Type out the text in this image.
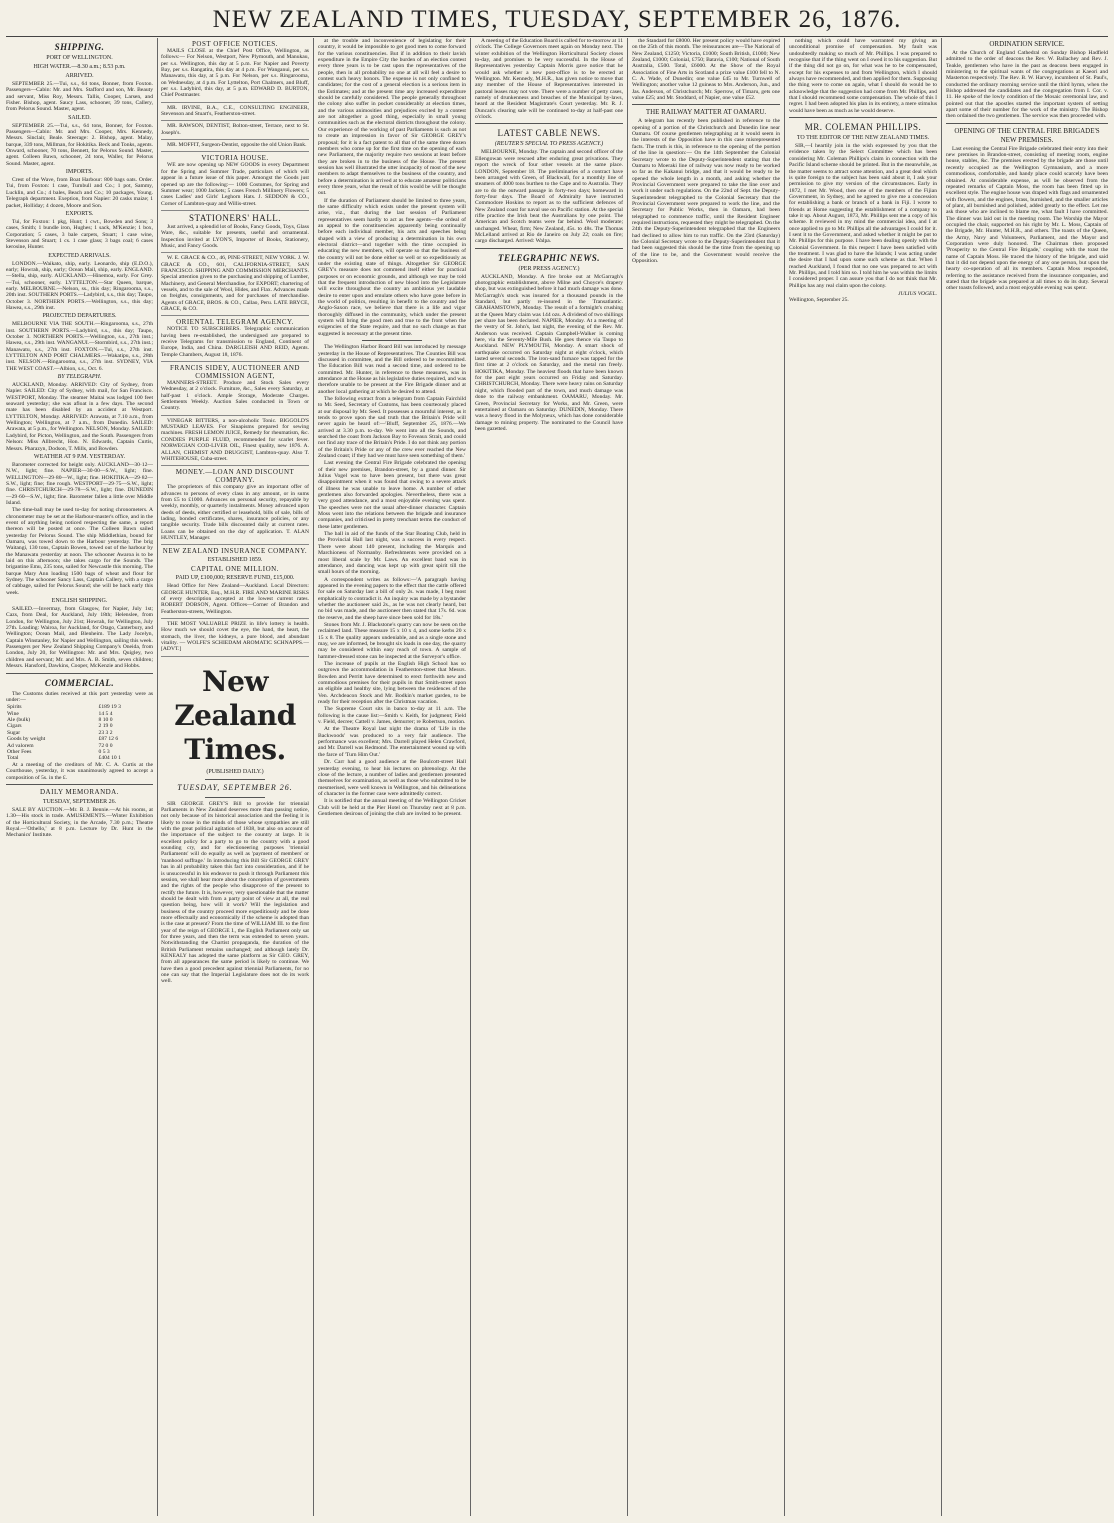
NEW ZEALAND TIMES, TUESDAY, SEPTEMBER 26, 1876.
SHIPPING.
PORT OF WELLINGTON.
HIGH WATER.—8.30 a.m.; 8.53 p.m.
ARRIVED.

SEPTEMBER 25.—Tui, s.s., 64 tons, Bonner, from Foxton. Passengers—Cabin: Mr. and Mrs. Stafford and son, Mr. Beauty and servant, Miss Roy, Messrs. Tallis, Cooper, Larsen, and Fisher. Bishop, agent. Saucy Lass, schooner, 39 tons, Callery, from Pelorus Sound. Master, agent.

SAILED.

SEPTEMBER 25.—Tui, s.s., 64 tons, Bonner, for Foxton. Passengers—Cabin: Mr. and Mrs. Cooper, Mrs. Kennedy, Messrs. Sinclair, Beale. Steerage: 2. Bishop, agent. Malay, barque, 339 tons, Millman, for Hokitika. Beck and Tonks, agents. Onward, schooner, 70 tons, Bennett, for Pelorus Sound. Master, agent. Colleen Bawn, schooner, 24 tons, Waller, for Pelorus Sound. Master, agent.

IMPORTS.

Crest of the Wave, from Boat Harbour: 800 bags oats. Order. Tui, from Foxton: 1 case, Turnbull and Co.; 1 pot, Sammy, Lucklin, and Co.; 4 bales, Beach and Co.; 10 packages, Young. Telegraph department. Exeption, from Napier: 20 casks maize; 1 packet, Holliday; 4 dozen, Moore and Son.

EXPORTS.

Tui, for Foxton: 1 pkg, Hunt; 1 cwt., Bowden and Sons; 3 cases, Smith; 1 bundle iron, Hughes; 1 sack, M'Kenzie; 1 box, Corporation; 5 cases, 3 bale carpets, Stuart; 1 case wine, Stevenson and Stuart; 1 cs. 1 case glass; 3 bags coal; 6 cases kerosine, Hunter.

EXPECTED ARRIVALS.

LONDON.—Waikato, ship, early. Leonardo, ship (E.D.O.), early; Howrah, ship, early; Ocean Mail, ship, early. ENGLAND.—Stella, ship, early. AUCKLAND.—Hinemoa, early. For Grey.—Tui, schooner, early. LYTTELTON.—Star Queen, barque, early. MELBOURNE.—Nelson, ss., this day; Ringarooma, s.s., 20th inst. SOUTHERN PORTS.—Ladybird, s.s., this day; Taupo, October 3. NORTHERN PORTS.—Wellington, s.s., this day; Hawea, s.s., 29th inst.

PROJECTED DEPARTURES.

MELBOURNE VIA THE SOUTH.—Ringarooma, s.s., 27th inst. SOUTHERN PORTS.—Ladybird, s.s., this day; Taupo, October 3. NORTHERN PORTS.—Wellington, s.s., 27th inst.; Hawea, s.s., 29th inst. WANGANUI.—Stormbird, s.s., 27th inst.; Manawatu, s.s., 27th inst. FOXTON.—Tui, s.s., 27th inst. LYTTELTON AND PORT CHALMERS.—Wakatipu, s.s., 28th inst. NELSON.—Ringarooma, s.s., 27th inst. SYDNEY, VIA THE WEST COAST.—Albion, s.s., Oct. 6.

BY TELEGRAPH.

AUCKLAND, Monday. ARRIVED: City of Sydney, from Napier. SAILED: City of Sydney, with mail, for San Francisco. WESTPORT, Monday. The steamer Maitai was lodged 100 feet seaward yesterday; she was afloat in a few days. The second mate has been disabled by an accident at Westport. LYTTELTON, Monday. ARRIVED: Arawata, at 7.10 a.m., from Wellington; Wellington, at 7 a.m., from Dunedin. SAILED: Arawata, at 5 p.m., for Wellington. NELSON, Monday. SAILED: Ladybird, for Picton, Wellington, and the South. Passengers from Nelson: Miss Allbrecht, Hon. N. Edwards, Captain Curtis, Messrs. Pharazyn, Dodson, T. Mills, and Bowden.

WEATHER AT 9 P.M. YESTERDAY.

Barometer corrected for height only. AUCKLAND—30·12—N.W., light; fine. NAPIER—30·00—S.W., light; fine. WELLINGTON—29·80—W., light; fine. HOKITIKA—29·82—S.W., light; fine; fine rough. WESTPORT—29·75—S.W., light; fine. CHRISTCHURCH—29·78—S.W., light; fine. DUNEDIN—29·60—S.W., light; fine. Barometer fallen a little over Middle Island.

The time-ball may be used to-day for noting chronometers. A chronometer may be set at the Harbour-master's office, and in the event of anything being noticed respecting the same, a report thereon will be posted at once. The Colleen Bawn sailed yesterday for Pelorus Sound. The ship Middlethian, bound for Oamaru, was towed down to the Harbour yesterday. The brig Waitangi, 130 tons, Captain Bowen, towed out of the harbour by the Manawatu yesterday at noon. The schooner Awaroa is to be laid on this afternoon; she takes cargo for the Sounds. The brigantine Emu, 235 tons, sailed for Newcastle this morning. The barque Mary Ann loading 1500 bags of wheat and flour for Sydney. The schooner Sancy Lass, Captain Callery, with a cargo of cabbage, sailed for Pelorus Sound; she will be back early this week.

ENGLISH SHIPPING.

SAILED.—Invermay, from Glasgow, for Napier, July 1st; Cazs, from Deal, for Auckland, July 18th; Helenslee, from London, for Wellington, July 21st; Howrah, for Wellington, July 27th. Loading: Wairoa, for Auckland, for Otago, Canterbury, and Wellington; Ocean Mail, and Blenheim. The Lady Jocelyn, Captain Winstanley, for Napier and Wellington, sailing this week. Passengers per New Zealand Shipping Company's Oneida, from London, July 20, for Wellington: Mr. and Mrs. Quigley, two children and servant; Mr. and Mrs. A. B. Smith, seven children; Messrs. Hansford, Dawkins, Cooper, McKenzie and Hobbs.

COMMERCIAL.

The Customs duties received at this port yesterday were as under:—

Spirits	£189 19 3
Wine	14 5 4
Ale (bulk)	8 10 0
Cigars	2 19 0
Sugar	23 3 2
Goods by weight	£87 12 6
Ad valorem	72 0 0
Other Fees	0 5 3
Total	£404 10 1

At a meeting of the creditors of Mr. C. A. Curtis at the Courthouse, yesterday, it was unanimously agreed to accept a composition of 5s. in the £.

DAILY MEMORANDA.
TUESDAY, SEPTEMBER 26.

SALE BY AUCTION.—Mr. B. J. Bennie.—At his rooms, at 1.30—His stock in trade. AMUSEMENTS.—Winter Exhibition of the Horticultural Society, in the Arcade, 7.30 p.m.; Theatre Royal.—'Othello,' at 8 p.m. Lecture by Dr. Hunt in the Mechanics' Institute.

POST OFFICE NOTICES.

MAILS CLOSE at the Chief Post Office, Wellington, as follows:— For Nelson, Westport, New Plymouth, and Manukau, per s.s. Wellington, this day at 5 p.m. For Napier and Poverty Bay, per s.s. Rangatira, this day at 4 p.m. For Wanganui, per s.s. Manawatu, this day, at 5 p.m. For Nelson, per s.s. Ringarooma, on Wednesday, at 4 p.m. For Lyttelton, Port Chalmers, and Bluff, per s.s. Ladybird, this day, at 5 p.m. EDWARD D. BURTON, Chief Postmaster.

MR. IRVINE, B.A., C.E., CONSULTING ENGINEER, Stevenson and Stuart's, Featherston-street.

MR. RAWSON, DENTIST, Bolton-street, Terrace, next to St. Joseph's.

MR. MOFFIT, Surgeon-Dentist, opposite the old Union Bank.

VICTORIA HOUSE.

WE are now opening up NEW GOODS in every Department for the Spring and Summer Trade, particulars of which will appear in a future issue of this paper. Amongst the Goods just opened up are the following:— 1000 Costumes, for Spring and Summer wear; 1000 Jackets; 5 cases French Millinery Flowers; 5 cases Ladies' and Girls' Leghorn Hats. J. SEDDON & CO., Corner of Lambton-quay and Willis-street.

STATIONERS' HALL.

Just arrived, a splendid lot of Books, Fancy Goods, Toys, Glass Ware, &c., suitable for presents, useful and ornamental. Inspection invited at LYON'S, Importer of Books, Stationery, Music, and Fancy Goods.

W. E. GRACE & CO., 46, PINE-STREET, NEW YORK. J. W. GRACE & CO., 601, CALIFORNIA-STREET, SAN FRANCISCO. SHIPPING AND COMMISSION MERCHANTS. Special attention given to the purchasing and shipping of Lumber, Machinery, and General Merchandise, for EXPORT; chartering of vessels, and to the sale of Wool, Hides, and Flax. Advances made on freights, consignments, and for purchases of merchandise. Agents of GRACE, BROS. & CO., Callao, Peru. LATE BRYCE, GRACE, & CO.

ORIENTAL TELEGRAM AGENCY.

NOTICE TO SUBSCRIBERS. Telegraphic communication having been re-established, the undersigned are prepared to receive Telegrams for transmission to England, Continent of Europe, India, and China. DARGLEISH AND REID, Agents. Temple Chambers, August 18, 1876.

FRANCIS SIDEY, AUCTIONEER AND COMMISSION AGENT,

MANNERS-STREET. Produce and Stock Sales every Wednesday, at 2 o'clock. Furniture, &c., Sales every Saturday, at half-past 1 o'clock. Ample Storage, Moderate Charges. Settlements Weekly. Auction Sales conducted in Town or Country.

VINEGAR BITTERS, a non-alcoholic Tonic. BIGGOLD'S MUSTARD LEAVES. For Sinapisms prepared for sewing machines. FRESH LEMON JUICE, Remedy for rheumatism, &c. CONDIES PURPLE FLUID, recommended for scarlet fever. NORWEGIAN COD-LIVER OIL, Finest quality, new 1876. A. ALLAN, CHEMIST AND DRUGGIST, Lambton-quay. Also T. WHITEHOUSE, Cuba-street.

MONEY.—LOAN AND DISCOUNT COMPANY.

The proprietors of this company give an important offer of advances to persons of every class in any amount, or in sums from £5 to £1000. Advances on personal security, repayable by weekly, monthly, or quarterly instalments. Money advanced upon deeds of deeds, either certified or leasehold, bills of sale, bills of lading, bonded certificates, shares, insurance policies, or any tangible security. Trade bills discounted daily at current rates. Loans can be obtained on the day of application. T. ALAN HUNTLEY, Manager.

NEW ZEALAND INSURANCE COMPANY.
ESTABLISHED 1859.
CAPITAL ONE MILLION.
PAID UP, £100,000; RESERVE FUND, £15,000.

Head Office for New Zealand—Auckland. Local Directors: GEORGE HUNTER, Esq., M.H.R. FIRE AND MARINE RISKS of every description accepted at the lowest current rates. ROBERT DOBSON, Agent. Offices—Corner of Brandon and Featherston-streets, Wellington.

THE MOST VALUABLE PRIZE in life's lottery is health. How much we should covet the eye, the hand, the heart, the stomach, the liver, the kidneys, a pure blood, and abundant vitality. — WOLFE'S SCHIEDAM AROMATIC SCHNAPPS.—[ADVT.]

New Zealand Times.
(PUBLISHED DAILY.)
TUESDAY, SEPTEMBER 26.

SIR GEORGE GREY'S Bill to provide for triennial Parliaments in New Zealand deserves more than passing notice, not only because of its historical association and the feeling it is likely to rouse in the minds of those whose sympathies are still with the great political agitation of 1838, but also on account of the importance of the subject to the country at large. It is excellent policy for a party to go to the country with a good sounding cry, and for electioneering purposes 'triennial Parliaments' will do equally as well as 'payment of members' or 'manhood suffrage.' In introducing this Bill Sir GEORGE GREY has in all probability taken this fact into consideration, and if he is unsuccessful in his endeavor to push it through Parliament this session, we shall hear more about the conception of governments and the rights of the people who disapprove of the present to rectify the future. It is, however, very questionable that the matter should be dealt with from a party point of view at all, the real question being, how will it work? Will the legislation and business of the country proceed more expeditiously and be done more effectually and economically if the scheme is adopted than is the case at present? From the time of WILLIAM III. to the first year of the reign of GEORGE I., the English Parliament only sat for three years, and then the term was extended to seven years. Notwithstanding the Chartist propaganda, the duration of the British Parliament remains unchanged; and although lately Dr. KENEALY has adopted the same platform as Sir GEO. GREY, from all appearances the same period is likely to continue. We have then a good precedent against triennial Parliaments, for no one can say that the Imperial Legislature does not do its work well.

at the trouble and inconvenience of legislating for their country, it would be impossible to get good men to come forward for the various constituencies. But if in addition to their lavish expenditure in the Empire City the burden of an election contest every three years is to be cast upon the representatives of the people, then in all probability no one at all will feel a desire to contest such heavy honors. The expense is not only confined to candidates; for the cost of a general election is a serious item in the Estimates; and at the present time any increased expenditure should be carefully considered. The people generally throughout the colony also suffer in pocket considerably at election times, and the various animosities and prejudices excited by a contest are not altogether a good thing, especially in small young communities such as the electoral districts throughout the colony. Our experience of the working of past Parliaments is such as not to create an impression in favor of Sir GEORGE GREY's proposal; for it is a fact patent to all that of the same three dozen members who come up for the first time on the opening of each new Parliament, the majority require two sessions at least before they are broken in to the business of the House. The present session has well illustrated the utter incapacity of most of the new members to adapt themselves to the business of the country, and before a determination is arrived at to educate amateur politicians every three years, what the result of this would be will be thought out.

If the duration of Parliament should be limited to three years, the same difficulty which exists under the present system will arise, viz., that during the last session of Parliament representatives seem hardly to act as free agents—the ordeal of an appeal to the constituencies apparently being continually before each individual member, his acts and speeches being shaped with a view of producing a determination in his own electoral district—and together with the time occupied in educating the new members, will operate so that the business of the country will not be done either so well or so expeditiously as under the existing state of things. Altogether Sir GEORGE GREY's measure does not commend itself either for practical purposes or on economic grounds, and although we may be told that the frequent introduction of new blood into the Legislature will excite throughout the country an ambitious yet laudable desire to enter upon and emulate others who have gone before in the world of politics, resulting in benefit to the country and the Anglo-Saxon race, we believe that there is a life and vigor thoroughly diffused in the community, which under the present system will bring the good men and true to the front when the exigencies of the State require, and that no such change as that suggested is necessary at the present time.

The Wellington Harbor Board Bill was introduced by message yesterday in the House of Representatives. The Counties Bill was discussed in committee, and the Bill ordered to be recommitted. The Education Bill was read a second time, and ordered to be committed. Mr. Hunter, in reference to these measures, was in attendance at the House as his legislative duties required, and was therefore unable to be present at the Fire Brigade dinner and at another local gathering at which he desired to attend.

The following extract from a telegram from Captain Fairchild to Mr. Seed, Secretary of Customs, has been courteously placed at our disposal by Mr. Seed. It possesses a mournful interest, as it tends to prove upon the sad truth that the Britain's Pride will never again be heard of:—'Bluff, September 25, 1876.—We arrived at 3.30 p.m. to-day. We went into all the Sounds, and searched the coast from Jackson Bay to Foveaux Strait, and could not find any trace of the Britain's Pride. I do not think any portion of the Britain's Pride or any of the crew ever reached the New Zealand coast; if they had we must have seen something of them.'

Last evening the Central Fire Brigade celebrated the opening of their new premises, Brandon-street, by a grand dinner. Sir Julius Vogel was to have been present, but there was great disappointment when it was found that owing to a severe attack of illness he was unable to leave home. A number of other gentlemen also forwarded apologies. Nevertheless, there was a very good attendance, and a most enjoyable evening was spent. The speeches were not the usual after-dinner character. Captain Moss went into the relations between the brigade and insurance companies, and criticised in pretty trenchant terms the conduct of these latter gentlemen.

The ball in aid of the funds of the Star Boating Club, held in the Provincial Hall last night, was a success in every respect. There were about 140 present, including the Marquis and Marchioness of Normanby. Refreshments were provided on a most liberal scale by Mr. Laws. An excellent band was in attendance, and dancing was kept up with great spirit till the small hours of the morning.

A correspondent writes as follows:—'A paragraph having appeared in the evening papers to the effect that the cattle offered for sale on Saturday last a bill of only 2s. was made, I beg most emphatically to contradict it. An inquiry was made by a bystander whether the auctioneer said 2s., as he was not clearly heard, but no bid was made, and the auctioneer then stated that 17s. 6d. was the reserve, and the sheep have since been sold for 18s.'

Stones from Mr. J. Blackstone's quarry can now be seen on the reclaimed land. These measure 15 x 10 x 4, and some kerbs 20 x 15 x 8. The quality appears undeniable, and as a single stone and may, we are informed, be brought six loads in one day, the quarry may be considered within easy reach of town. A sample of hammer-dressed stone can be inspected at the Surveyor's office.

The increase of pupils at the English High School has so outgrown the accommodation in Featherston-street that Messrs. Bowden and Perritt have determined to erect forthwith new and commodious premises for their pupils in that Smith-street upon an eligible and healthy site, lying between the residences of the Ven. Archdeacon Stock and Mr. Bodkin's market garden, to be ready for their reception after the Christmas vacation.

The Supreme Court sits in banco to-day at 11 a.m. The following is the cause list:—Smith v. Keith, for judgment; Field v. Field, decree; Cattell v. James, demurrer; re Robertson, motion.

At the Theatre Royal last night the drama of 'Life in the Backwoods' was produced to a very fair audience. The performance was excellent; Mrs. Darrell played Helen Crawford, and Mr. Darrell was Redmond. The entertainment wound up with the farce of 'Turn Him Out.'

Dr. Carr had a good audience at the Boulcott-street Hall yesterday evening, to hear his lectures on phrenology. At the close of the lecture, a number of ladies and gentlemen presented themselves for examination, as well as those who submitted to be mesmerised, were well known in Wellington, and his delineations of character in the former case were admittedly correct.

It is notified that the annual meeting of the Wellington Cricket Club will be held at the Pier Hotel on Thursday next at 8 p.m. Gentlemen desirous of joining the club are invited to be present.

A meeting of the Education Board is called for to-morrow at 11 o'clock. The College Governors meet again on Monday next. The winter exhibition of the Wellington Horticultural Society closes to-day, and promises to be very successful. In the House of Representatives yesterday Captain Morris gave notice that he would ask whether a new post-office is to be erected at Wellington. Mr. Kennedy, M.H.R., has given notice to move that any member of the House of Representatives interested in pastoral leases may not vote. There were a number of petty cases, namely of drunkenness and breaches of the Municipal by-laws, heard at the Resident Magistrate's Court yesterday. Mr. R. J. Duncan's clearing sale will be continued to-day at half-past one o'clock.

LATEST CABLE NEWS.
(REUTER'S SPECIAL TO PRESS AGENCY.)

MELBOURNE, Monday. The captain and second officer of the Ellengowan were rescued after enduring great privations. They report the wreck of four other vessels at the same place. LONDON, September 18. The preliminaries of a contract have been arranged with Green, of Blackwall, for a monthly line of steamers of 4000 tons burthen to the Cape and to Australia. They are to do the outward passage in forty-two days; homeward in forty-four days. The Board of Admiralty have instructed Commodore Hoskins to report as to the sufficient defences of New Zealand coast for naval use on Pacific station. At the special rifle practice the Irish beat the Australians by one point. The American and Scotch teams were far behind. Wool moderate; unchanged. Wheat, firm; New Zealand, 45s. to 48s. The Thomas McLelland arrived at Rio de Janeiro on July 22; coals on fire; cargo discharged. Arrived: Walpa.

TELEGRAPHIC NEWS.
(PER PRESS AGENCY.)

AUCKLAND, Monday. A fire broke out at McGarragh's photographic establishment, above Milne and Choyce's drapery shop, but was extinguished before it had much damage was done. McGarragh's stock was insured for a thousand pounds in the Standard, but partly re-insured in the Transatlantic. GRAHAMSTOWN, Monday. The result of a fortnight's crushing at the Queen Mary claim was 144 ozs. A dividend of two shillings per share has been declared. NAPIER, Monday. At a meeting of the vestry of St. John's, last night, the evening of the Rev. Mr. Anderson was received. Captain Campbell-Walker is coming here, via the Seventy-Mile Bush. He goes thence via Taupo to Auckland. NEW PLYMOUTH, Monday. A smart shock of earthquake occurred on Saturday night at eight o'clock, which lasted several seconds. The iron-sand furnace was tapped for the first time at 2 o'clock on Saturday, and the metal ran freely. HOKITIKA, Monday. The heaviest floods that have been known for the past eight years occurred on Friday and Saturday. CHRISTCHURCH, Monday. There were heavy rains on Saturday night, which flooded part of the town, and much damage was done to the railway embankment. OAMARU, Monday. Mr. Green, Provincial Secretary for Works, and Mr. Green, were entertained at Oamaru on Saturday. DUNEDIN, Monday. There was a heavy flood in the Molyneux, which has done considerable damage to mining property. The nominated to the Council have been gazetted.

the Standard for £8000. Her present policy would have expired on the 25th of this month. The reinsurances are—The National of New Zealand, £1250; Victoria, £1000; South British, £1000; New Zealand, £1000; Colonial, £750; Batavia, £100; National of South Australia, £500. Total, £6000. At the Show of the Royal Association of Fine Arts in Scotland a prize value £100 fell to N. C. A. Wade, of Dunedin; one value £45 to Mr. Turnwell of Wellington; another value 12 guineas to Mrs. Anderson, Jun., and Jas. Anderson, of Christchurch; Mr. Sperrow, of Timaru, gets one value £25; and Mr. Stoddard, of Napier, one value £52.

THE RAILWAY MATTER AT OAMARU.

A telegram has recently been published in reference to the opening of a portion of the Christchurch and Dunedin line near Oamaru. Of course gentlemen telegraphing at it would seem in the interests of the Opposition have in this case misrepresented facts. The truth is this, in reference to the opening of the portion of the line in question:— On the 14th September the Colonial Secretary wrote to the Deputy-Superintendent stating that the Oamaru to Moeraki line of railway was now ready to be worked so far as the Kakanui bridge, and that it would be ready to be opened the whole length in a month, and asking whether the Provincial Government were prepared to take the line over and work it under such regulations. On the 22nd of Sept. the Deputy-Superintendent telegraphed to the Colonial Secretary that the Provincial Government were prepared to work the line, and the Secretary for Public Works, then in Oamaru, had been telegraphed to commence traffic, until the Resident Engineer required instructions, requested they might be telegraphed. On the 24th the Deputy-Superintendent telegraphed that the Engineers had declined to allow him to run traffic. On the 23rd (Saturday) the Colonial Secretary wrote to the Deputy-Superintendent that it had been suggested this should be the time from the opening up of the line to be, and the Government would receive the Opposition.

nothing which could have warranted my giving an unconditional promise of compensation. My fault was undoubtedly making so much of Mr. Phillips. I was prepared to recognise that if the thing went on I owed it to his suggestion. But if the thing did not go on, for what was he to be compensated, except for his expenses to and from Wellington, which I should always have recommended, and then applied for them. Supposing the thing were to come on again, what I should do would be to acknowledge that the suggestion had come from Mr. Phillips, and that I should recommend some compensation. The whole of this I regret. I had been adopted his plan in its entirety, a mere stimulus would have been as much as he would deserve.

MR. COLEMAN PHILLIPS.
TO THE EDITOR OF THE NEW ZEALAND TIMES.

SIR,—I heartily join in the wish expressed by you that the evidence taken by the Select Committee which has been considering Mr. Coleman Phillips's claim in connection with the Pacific Island scheme should be printed. But in the meanwhile, as the matter seems to attract some attention, and a great deal which is quite foreign to the subject has been said about it, I ask your permission to give my version of the circumstances. Early in 1872, I met Mr. Wood, then one of the members of the Fijian Government, in Sydney, and he agreed to give me a concession for establishing a bank or branch of a bank in Fiji. I wrote to friends at Home suggesting the establishment of a company to take it up. About August, 1873, Mr. Phillips sent me a copy of his scheme. It reviewed in my mind the commercial idea, and I at once applied to go to Mr. Phillips all the advantages I could for it. I sent it to the Government, and asked whether it might be put to Mr. Phillips for this purpose. I have been dealing openly with the Colonial Government. In this respect I have been satisfied with the treatment. I was glad to have the Islands; I was acting under the desire that I had upon some such scheme as that. When I reached Auckland, I found that no one was prepared to act with Mr. Phillips, and I told him so. I told him he was within the limits I considered proper. I can assure you that I do not think that Mr. Phillips has any real claim upon the colony.

JULIUS VOGEL.
Wellington, September 25.
ORDINATION SERVICE.

At the Church of England Cathedral on Sunday Bishop Hadfield admitted to the order of deacons the Rev. W. Ballachey and Rev. J. Teakle, gentlemen who have in the past as deacons been engaged in ministering to the spiritual wants of the congregations at Kaeori and Masterton respectively. The Rev. B. W. Harvey, incumbent of St. Paul's, conducted the ordinary morning service until the third hymn, when the Bishop addressed the candidates and the congregation from I. Cor. v. 11. He spoke of the lowly condition of the Mosaic ceremonial law, and pointed out that the apostles started the important system of setting apart some of their number for the work of the ministry. The Bishop then ordained the two gentlemen. The service was then proceeded with.

OPENING OF THE CENTRAL FIRE BRIGADE'S NEW PREMISES.

Last evening the Central Fire Brigade celebrated their entry into their new premises in Brandon-street, consisting of meeting room, engine house, stables, &c. The premises erected by the brigade are those until recently occupied as the Wellington Gymnasium, and a more commodious, comfortable, and handy place could scarcely have been obtained. At considerable expense, as will be observed from the repeated remarks of Captain Moss, the room has been fitted up in excellent style. The engine house was draped with flags and ornamented with flowers, and the engines, brass, burnished, and the smaller articles of plant, all burnished and polished, added greatly to the effect. Let me ask those who are inclined to blame me, what fault I have committed. The dinner was laid out in the meeting room. The Worship the Mayor occupied the chair, supported on his right by Mr. L. Moss, Captain of the Brigade, Mr. Hunter, M.H.R., and others. The toasts of the Queen, the Army, Navy and Volunteers, Parliament, and the Mayor and Corporation were duly honored. The Chairman then proposed 'Prosperity to the Central Fire Brigade,' coupling with the toast the name of Captain Moss. He traced the history of the brigade, and said that it did not depend upon the energy of any one person, but upon the hearty co-operation of all its members. Captain Moss responded, referring to the assistance received from the insurance companies, and stated that the brigade was prepared at all times to do its duty. Several other toasts followed, and a most enjoyable evening was spent.
